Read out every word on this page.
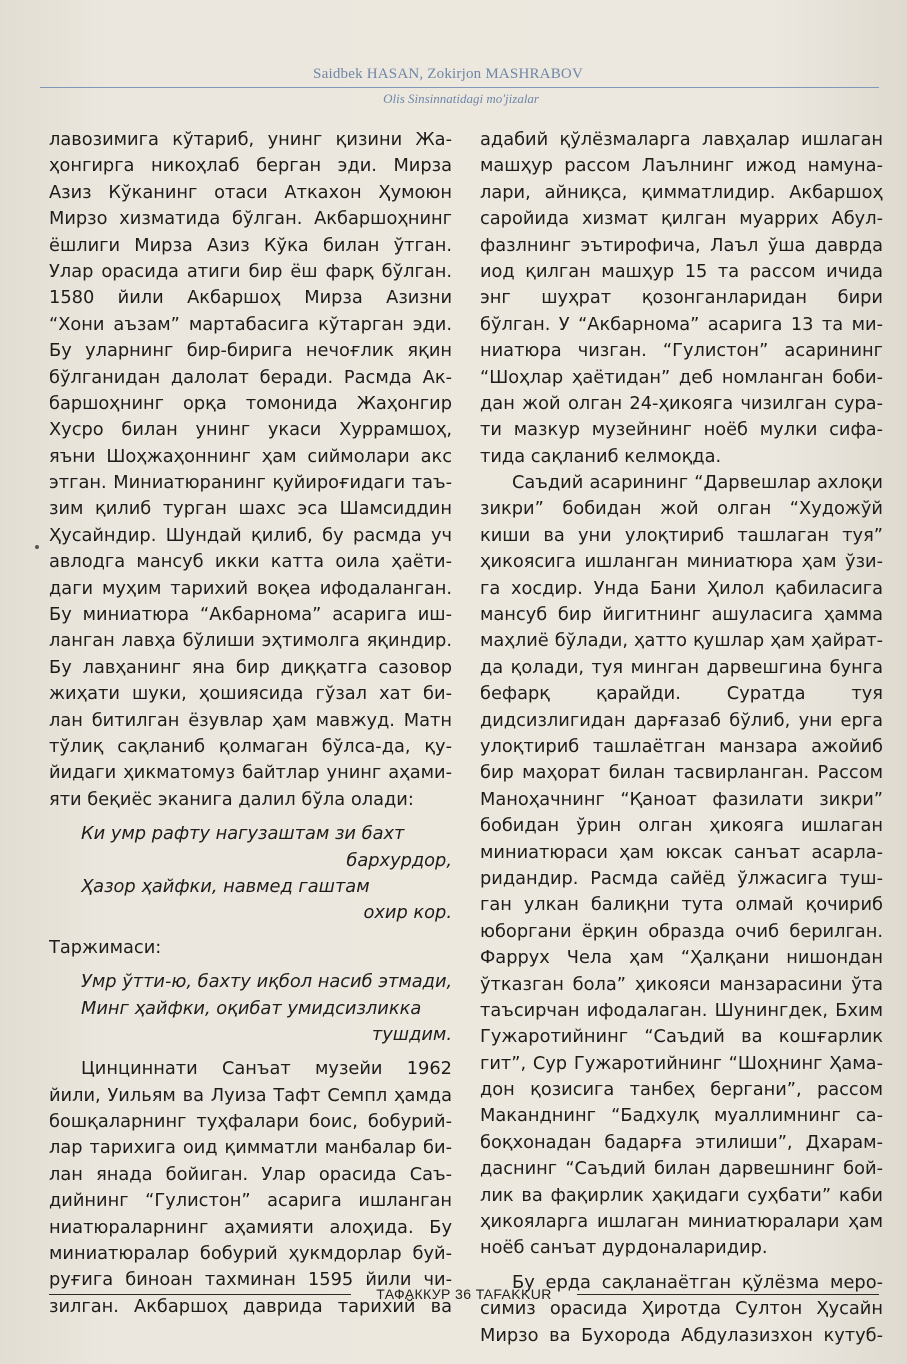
Saidbek HASAN, Zokirjon MASHRABOV
Olis Sinsinnatidagi mo'jizalar
лавозимига кўтариб, унинг қизини Жа-
ҳонгирга никоҳлаб берган эди. Мирза
Азиз Кўканинг отаси Аткахон Ҳумоюн
Мирзо хизматида бўлган. Акбаршоҳнинг
ёшлиги Мирза Азиз Кўка билан ўтган.
Улар орасида атиги бир ёш фарқ бўлган.
1580 йили Акбаршоҳ Мирза Азизни
“Хони аъзам” мартабасига кўтарган эди.
Бу уларнинг бир-бирига нечоғлик яқин
бўлганидан далолат беради. Расмда Ак-
баршоҳнинг орқа томонида Жаҳонгир
Хусро билан унинг укаси Хуррамшоҳ,
яъни Шоҳжаҳоннинг ҳам сиймолари акс
этган. Миниатюранинг қуйироғидаги таъ-
зим қилиб турган шахс эса Шамсиддин
Ҳусайндир. Шундай қилиб, бу расмда уч
авлодга мансуб икки катта оила ҳаёти-
даги муҳим тарихий воқеа ифодаланган.
Бу миниатюра “Акбарнома” асарига иш-
ланган лавҳа бўлиши эҳтимолга яқиндир.
Бу лавҳанинг яна бир диққатга сазовор
жиҳати шуки, ҳошиясида гўзал хат би-
лан битилган ёзувлар ҳам мавжуд. Матн
тўлиқ сақланиб қолмаган бўлса-да, қу-
йидаги ҳикматомуз байтлар унинг аҳами-
яти беқиёс эканига далил бўла олади:
Ки умр рафту нагузаштам зи бахт
бархурдор,
Ҳазор ҳайфки, навмед гаштам
охир кор.
Таржимаси:
Умр ўтти-ю, бахту иқбол насиб этмади,
Минг ҳайфки, оқибат умидсизликка
тушдим.
Цинциннати Санъат музейи 1962
йили, Уильям ва Луиза Тафт Семпл ҳамда
бошқаларнинг туҳфалари боис, бобурий-
лар тарихига оид қимматли манбалар би-
лан янада бойиган. Улар орасида Саъ-
дийнинг “Гулистон” асарига ишланган
ниатюраларнинг аҳамияти алоҳида. Бу
миниатюралар бобурий ҳукмдорлар буй-
руғига биноан тахминан 1595 йили чи-
зилган. Акбаршоҳ даврида тарихий ва
адабий қўлёзмаларга лавҳалар ишлаган
машҳур рассом Лаълнинг ижод намуна-
лари, айниқса, қимматлидир. Акбаршоҳ
саройида хизмат қилган муаррих Абул-
фазлнинг эътирофича, Лаъл ўша даврда
иод қилган машҳур 15 та рассом ичида
энг шуҳрат қозонганларидан бири
бўлган. У “Акбарнома” асарига 13 та ми-
ниатюра чизган. “Гулистон” асарининг
“Шоҳлар ҳаётидан” деб номланган боби-
дан жой олган 24-ҳикояга чизилган сура-
ти мазкур музейнинг ноёб мулки сифа-
тида сақланиб келмоқда.
Саъдий асарининг “Дарвешлар ахлоқи
зикри” бобидан жой олган “Художўй
киши ва уни улоқтириб ташлаган туя”
ҳикоясига ишланган миниатюра ҳам ўзи-
га хосдир. Унда Бани Ҳилол қабиласига
мансуб бир йигитнинг ашуласига ҳамма
маҳлиё бўлади, ҳатто қушлар ҳам ҳайрат-
да қолади, туя минган дарвешгина бунга
бефарқ қарайди. Суратда туя
дидсизлигидан дарғазаб бўлиб, уни ерга
улоқтириб ташлаётган манзара ажойиб
бир маҳорат билан тасвирланган. Рассом
Маноҳачнинг “Қаноат фазилати зикри”
бобидан ўрин олган ҳикояга ишлаган
миниатюраси ҳам юксак санъат асарла-
ридандир. Расмда сайёд ўлжасига туш-
ган улкан балиқни тута олмай қочириб
юборгани ёрқин образда очиб берилган.
Фаррух Чела ҳам “Ҳалқани нишондан
ўтказган бола” ҳикояси манзарасини ўта
таъсирчан ифодалаган. Шунингдек, Бхим
Гужаротийнинг “Саъдий ва кошғарлик
гит”, Сур Гужаротийнинг “Шоҳнинг Ҳама-
дон қозисига танбеҳ бергани”, рассом
Маканднинг “Бадхулқ муаллимнинг са-
боқхонадан бадарға этилиши”, Дхарам-
даснинг “Саъдий билан дарвешнинг бой-
лик ва фақирлик ҳақидаги суҳбати” каби
ҳикояларга ишлаган миниатюралари ҳам
ноёб санъат дурдоналаридир.
Бу ерда сақланаётган қўлёзма меро-
симиз орасида Ҳиротда Султон Ҳусайн
Мирзо ва Бухорода Абдулазизхон кутуб-
ТАФАККУР 36 TAFAKKUR
